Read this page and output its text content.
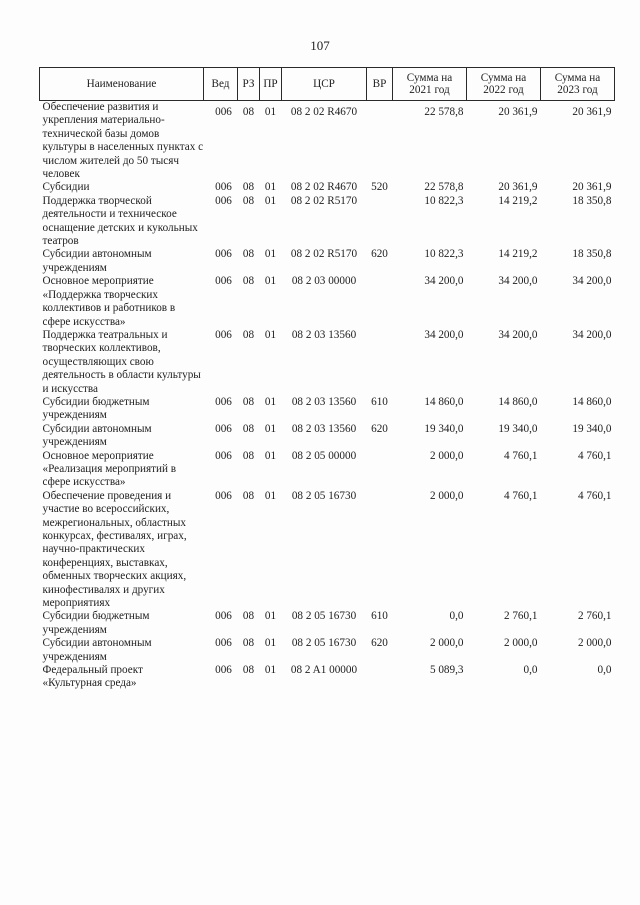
107
Наименование	Вед	РЗ	ПР	ЦСР	ВР	Сумма на 2021 год	Сумма на 2022 год	Сумма на 2023 год
Обеспечение развития и укрепления материально-технической базы домов культуры в населенных пунктах с числом жителей до 50 тысяч человек	006	08	01	08 2 02 R4670		22 578,8	20 361,9	20 361,9
Субсидии	006	08	01	08 2 02 R4670	520	22 578,8	20 361,9	20 361,9
Поддержка творческой деятельности и техническое оснащение детских и кукольных театров	006	08	01	08 2 02 R5170		10 822,3	14 219,2	18 350,8
Субсидии автономным учреждениям	006	08	01	08 2 02 R5170	620	10 822,3	14 219,2	18 350,8
Основное мероприятие «Поддержка творческих коллективов и работников в сфере искусства»	006	08	01	08 2 03 00000		34 200,0	34 200,0	34 200,0
Поддержка театральных и творческих коллективов, осуществляющих свою деятельность в области культуры и искусства	006	08	01	08 2 03 13560		34 200,0	34 200,0	34 200,0
Субсидии бюджетным учреждениям	006	08	01	08 2 03 13560	610	14 860,0	14 860,0	14 860,0
Субсидии автономным учреждениям	006	08	01	08 2 03 13560	620	19 340,0	19 340,0	19 340,0
Основное мероприятие «Реализация мероприятий в сфере искусства»	006	08	01	08 2 05 00000		2 000,0	4 760,1	4 760,1
Обеспечение проведения и участие во всероссийских, межрегиональных, областных конкурсах, фестивалях, играх, научно-практических конференциях, выставках, обменных творческих акциях, кинофестивалях и других мероприятиях	006	08	01	08 2 05 16730		2 000,0	4 760,1	4 760,1
Субсидии бюджетным учреждениям	006	08	01	08 2 05 16730	610	0,0	2 760,1	2 760,1
Субсидии автономным учреждениям	006	08	01	08 2 05 16730	620	2 000,0	2 000,0	2 000,0
Федеральный проект «Культурная среда»	006	08	01	08 2 A1 00000		5 089,3	0,0	0,0
